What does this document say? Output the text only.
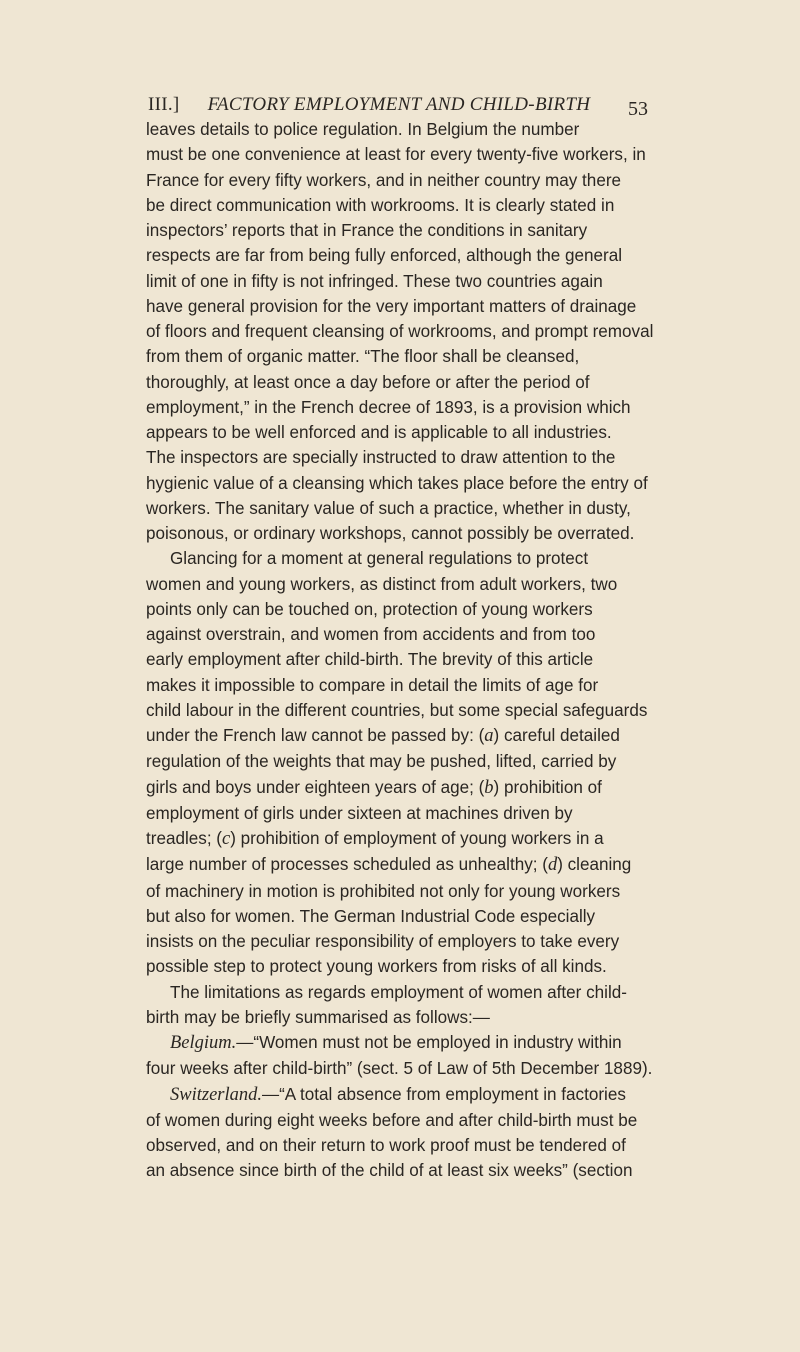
III.] FACTORY EMPLOYMENT AND CHILD-BIRTH 53
leaves details to police regulation. In Belgium the number
must be one convenience at least for every twenty-five workers, in
France for every fifty workers, and in neither country may there
be direct communication with workrooms. It is clearly stated in
inspectors’ reports that in France the conditions in sanitary
respects are far from being fully enforced, although the general
limit of one in fifty is not infringed. These two countries again
have general provision for the very important matters of drainage
of floors and frequent cleansing of workrooms, and prompt removal
from them of organic matter. “The floor shall be cleansed,
thoroughly, at least once a day before or after the period of
employment,” in the French decree of 1893, is a provision which
appears to be well enforced and is applicable to all industries.
The inspectors are specially instructed to draw attention to the
hygienic value of a cleansing which takes place before the entry of
workers. The sanitary value of such a practice, whether in dusty,
poisonous, or ordinary workshops, cannot possibly be overrated.
Glancing for a moment at general regulations to protect
women and young workers, as distinct from adult workers, two
points only can be touched on, protection of young workers
against overstrain, and women from accidents and from too
early employment after child-birth. The brevity of this article
makes it impossible to compare in detail the limits of age for
child labour in the different countries, but some special safeguards
under the French law cannot be passed by: (a) careful detailed
regulation of the weights that may be pushed, lifted, carried by
girls and boys under eighteen years of age; (b) prohibition of
employment of girls under sixteen at machines driven by
treadles; (c) prohibition of employment of young workers in a
large number of processes scheduled as unhealthy; (d) cleaning
of machinery in motion is prohibited not only for young workers
but also for women. The German Industrial Code especially
insists on the peculiar responsibility of employers to take every
possible step to protect young workers from risks of all kinds.
The limitations as regards employment of women after child-
birth may be briefly summarised as follows:—
Belgium.—“Women must not be employed in industry within
four weeks after child-birth” (sect. 5 of Law of 5th December 1889).
Switzerland.—“A total absence from employment in factories
of women during eight weeks before and after child-birth must be
observed, and on their return to work proof must be tendered of
an absence since birth of the child of at least six weeks” (section
